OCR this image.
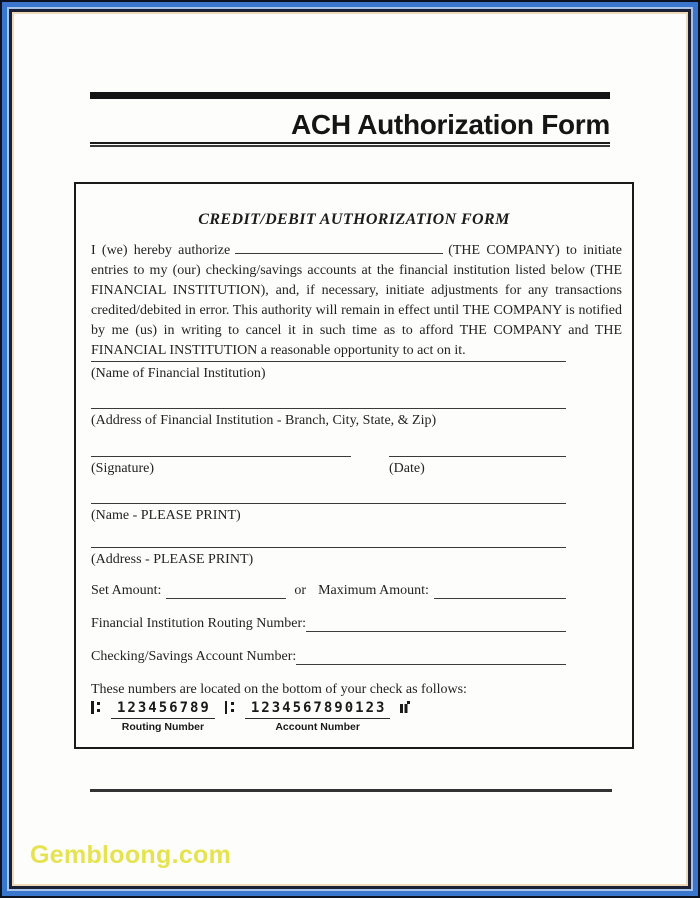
ACH Authorization Form
CREDIT/DEBIT AUTHORIZATION FORM
I (we) hereby authorize	(THE COMPANY) to initiate entries to my (our) checking/savings accounts at the financial institution listed below (THE FINANCIAL INSTITUTION), and, if necessary, initiate adjustments for any transactions credited/debited in error. This authority will remain in effect until THE COMPANY is notified by me (us) in writing to cancel it in such time as to afford THE COMPANY and THE FINANCIAL INSTITUTION a reasonable opportunity to act on it.
(Name of Financial Institution)
(Address of Financial Institution - Branch, City, State, & Zip)
(Signature)	(Date)
(Name - PLEASE PRINT)
(Address - PLEASE PRINT)
Set Amount:	or Maximum Amount:
Financial Institution Routing Number:
Checking/Savings Account Number:
These numbers are located on the bottom of your check as follows:
123456789
Routing Number
1234567890123
Account Number
Gembloong.com
